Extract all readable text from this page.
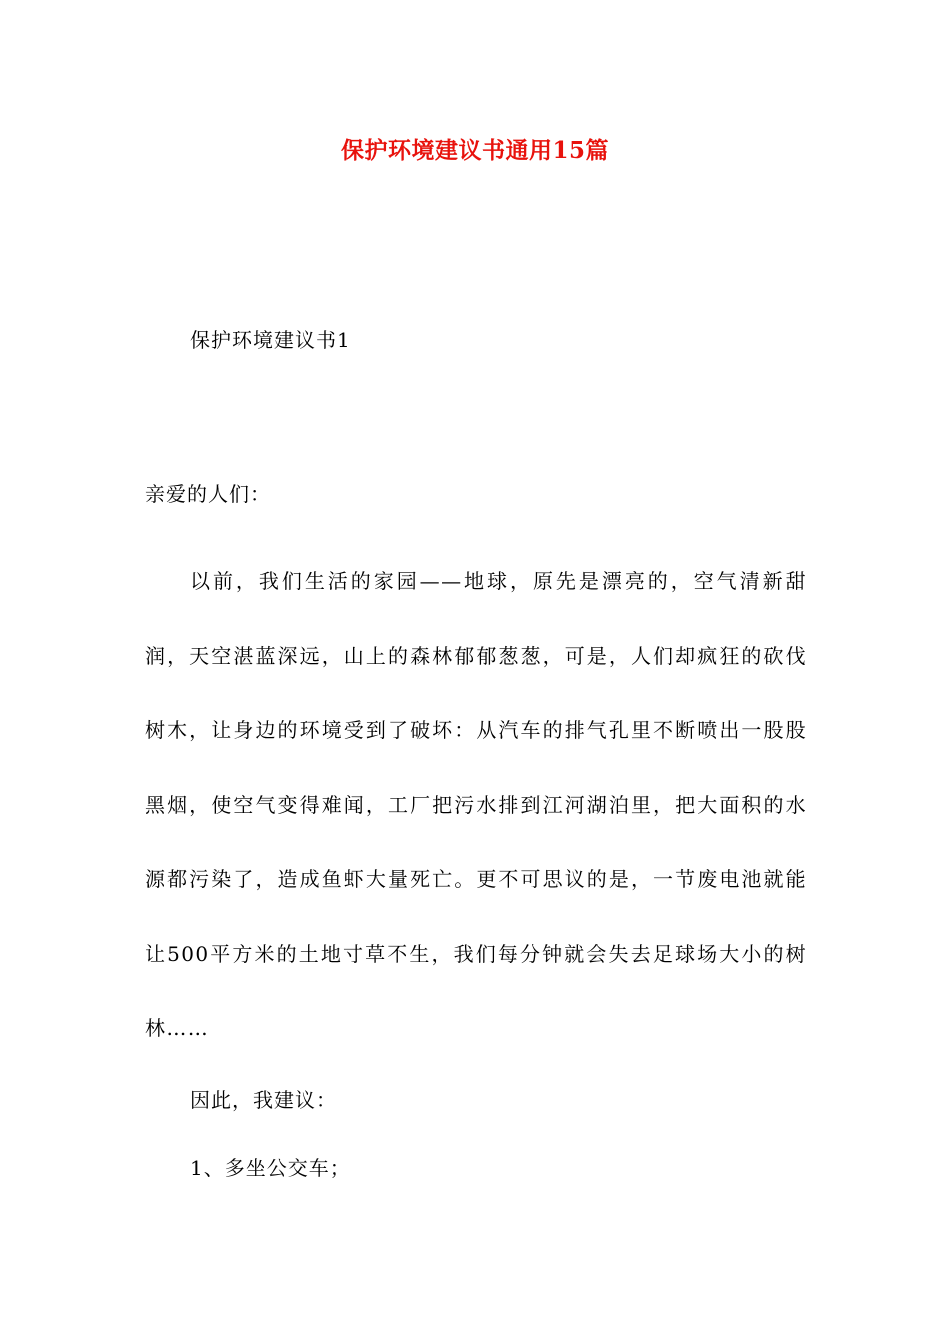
保护环境建议书通用15篇
保护环境建议书1
亲爱的人们：

以前，我们生活的家园——地球，原先是漂亮的，空气清新甜润，天空湛蓝深远，山上的森林郁郁葱葱，可是，人们却疯狂的砍伐树木，让身边的环境受到了破坏：从汽车的排气孔里不断喷出一股股黑烟，使空气变得难闻，工厂把污水排到江河湖泊里，把大面积的水源都污染了，造成鱼虾大量死亡。更不可思议的是，一节废电池就能让500平方米的土地寸草不生，我们每分钟就会失去足球场大小的树林……

因此，我建议：
1、多坐公交车；
